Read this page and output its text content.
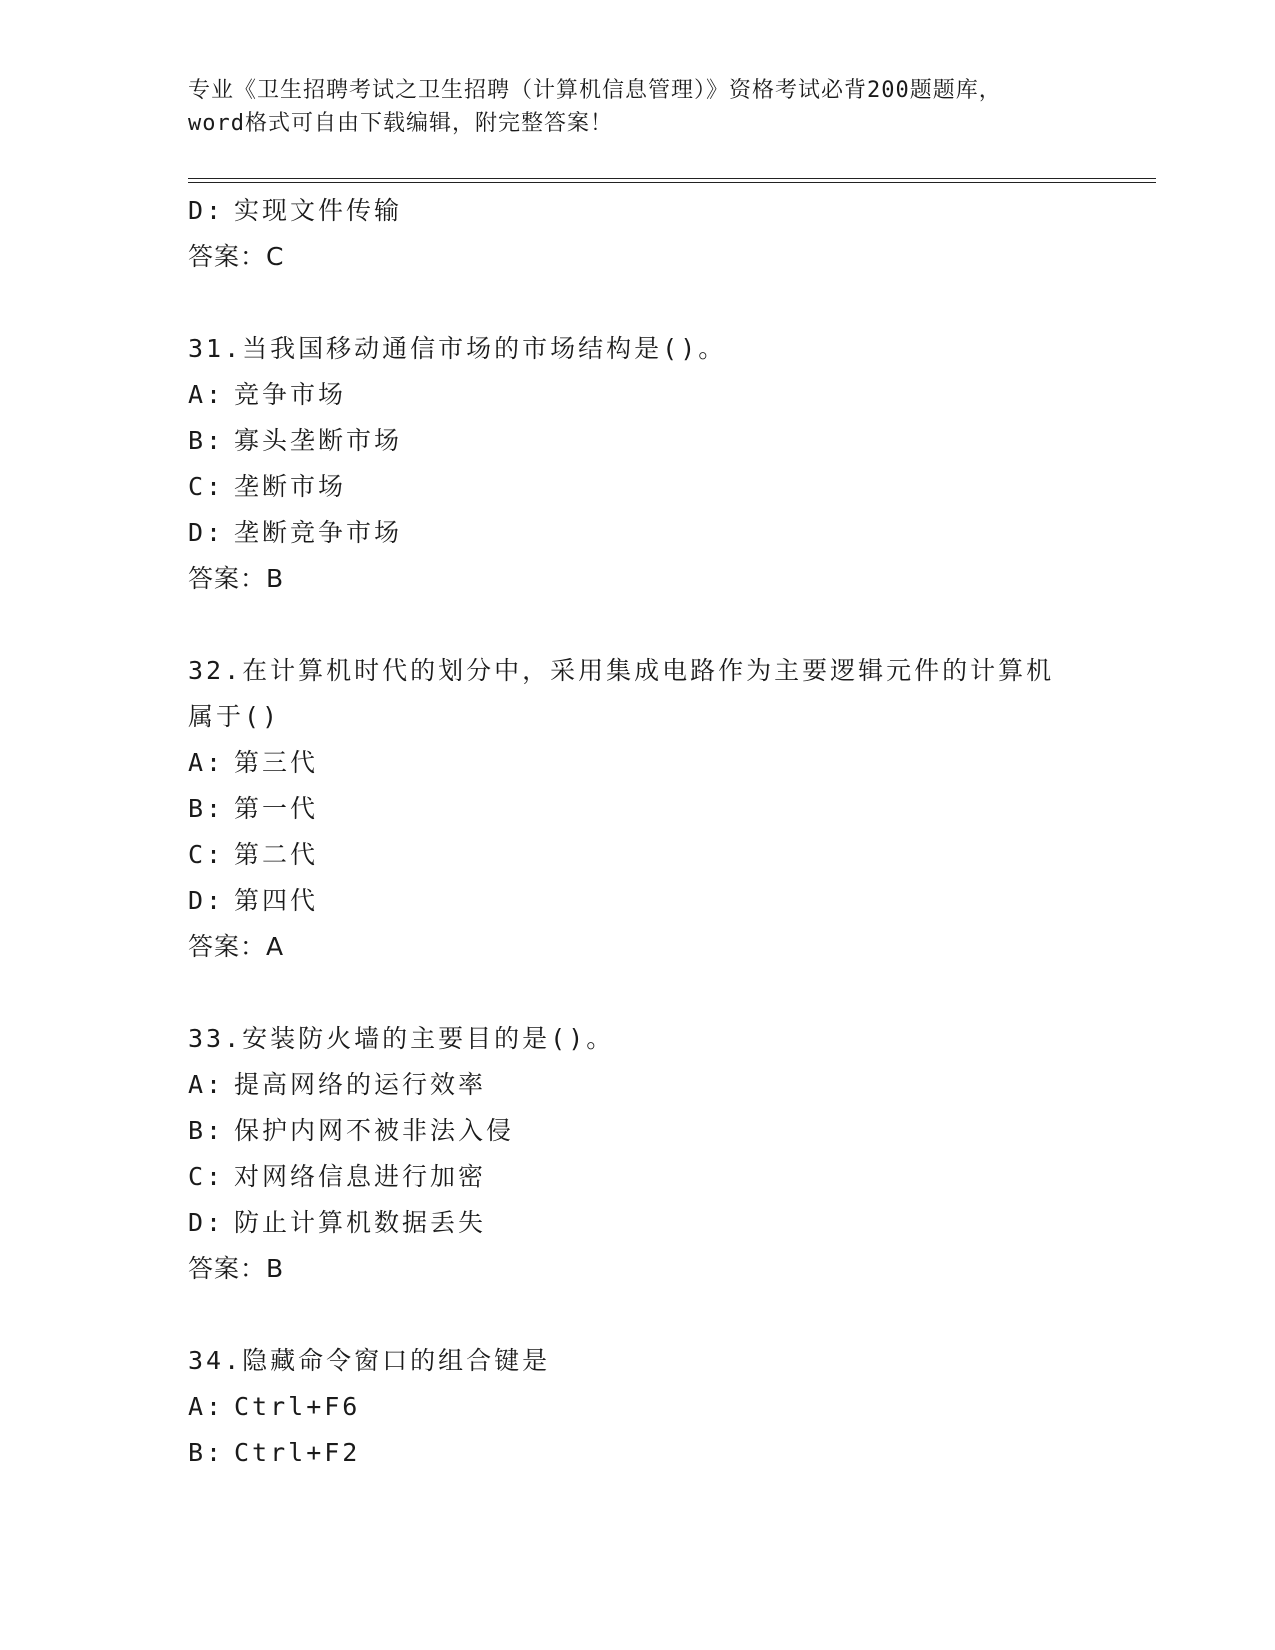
专业《卫生招聘考试之卫生招聘（计算机信息管理）》资格考试必背200题题库，
word格式可自由下载编辑，附完整答案！
D: 实现文件传输
答案：C
31.当我国移动通信市场的市场结构是()。
A: 竞争市场
B: 寡头垄断市场
C: 垄断市场
D: 垄断竞争市场
答案：B
32.在计算机时代的划分中，采用集成电路作为主要逻辑元件的计算机
属于()
A: 第三代
B: 第一代
C: 第二代
D: 第四代
答案：A
33.安装防火墙的主要目的是()。
A: 提高网络的运行效率
B: 保护内网不被非法入侵
C: 对网络信息进行加密
D: 防止计算机数据丢失
答案：B
34.隐藏命令窗口的组合键是
A: Ctrl+F6
B: Ctrl+F2
